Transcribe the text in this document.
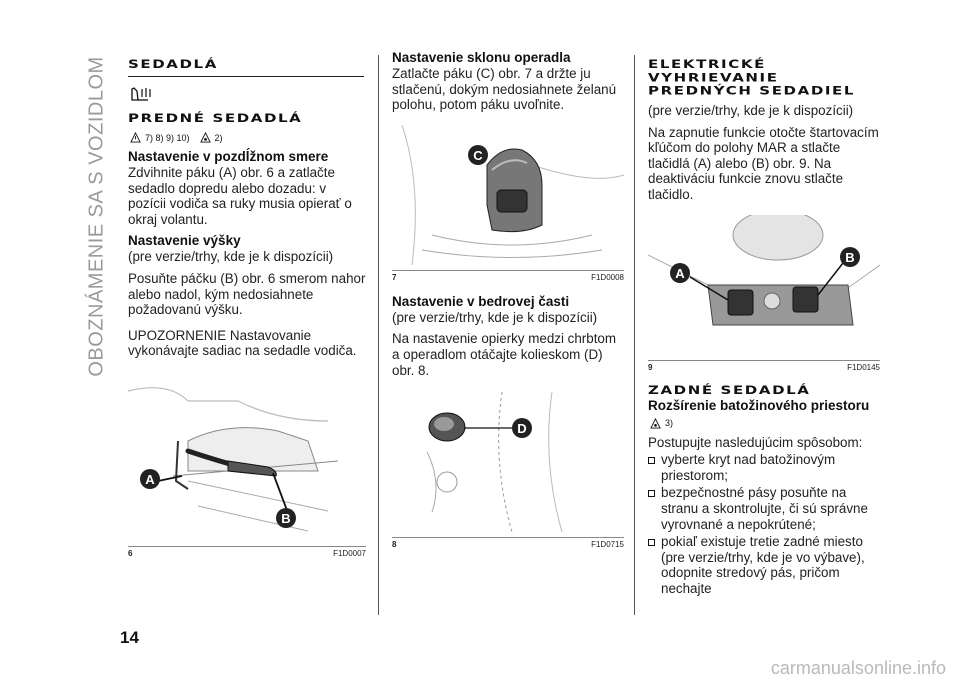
OBOZNÁMENIE SA S VOZIDLOM SEDADLÁ
PREDNÉ SEDADLÁ
7) 8) 9) 10)	2)
Nastavenie v pozdĺžnom smere
Zdvihnite páku (A) obr. 6 a zatlačte sedadlo dopredu alebo dozadu: v pozícii vodiča sa ruky musia opierať o okraj volantu.
Nastavenie výšky
(pre verzie/trhy, kde je k dispozícii)
Posuňte páčku (B) obr. 6 smerom nahor alebo nadol, kým nedosiahnete požadovanú výšku.
UPOZORNENIE Nastavovanie vykonávajte sadiac na sedadle vodiča.
A
B
6	F1D0007
Nastavenie sklonu operadla
Zatlačte páku (C) obr. 7 a držte ju stlačenú, dokým nedosiahnete želanú polohu, potom páku uvoľnite.
C
7	F1D0008
Nastavenie v bedrovej časti
(pre verzie/trhy, kde je k dispozícii)
Na nastavenie opierky medzi chrbtom a operadlom otáčajte kolieskom (D) obr. 8.
D
8	F1D0715
ELEKTRICKÉ VYHRIEVANIE PREDNÝCH SEDADIEL
(pre verzie/trhy, kde je k dispozícii)
Na zapnutie funkcie otočte štartovacím kľúčom do polohy MAR a stlačte tlačidlá (A) alebo (B) obr. 9. Na deaktiváciu funkcie znovu stlačte tlačidlo.
A
B
9	F1D0145
ZADNÉ SEDADLÁ
Rozšírenie batožinového priestoru
3)
Postupujte nasledujúcim spôsobom:
vyberte kryt nad batožinovým priestorom;
bezpečnostné pásy posuňte na stranu a skontrolujte, či sú správne vyrovnané a nepokrútené;
pokiaľ existuje tretie zadné miesto (pre verzie/trhy, kde je vo výbave), odopnite stredový pás, pričom nechajte
14
carmanualsonline.info
